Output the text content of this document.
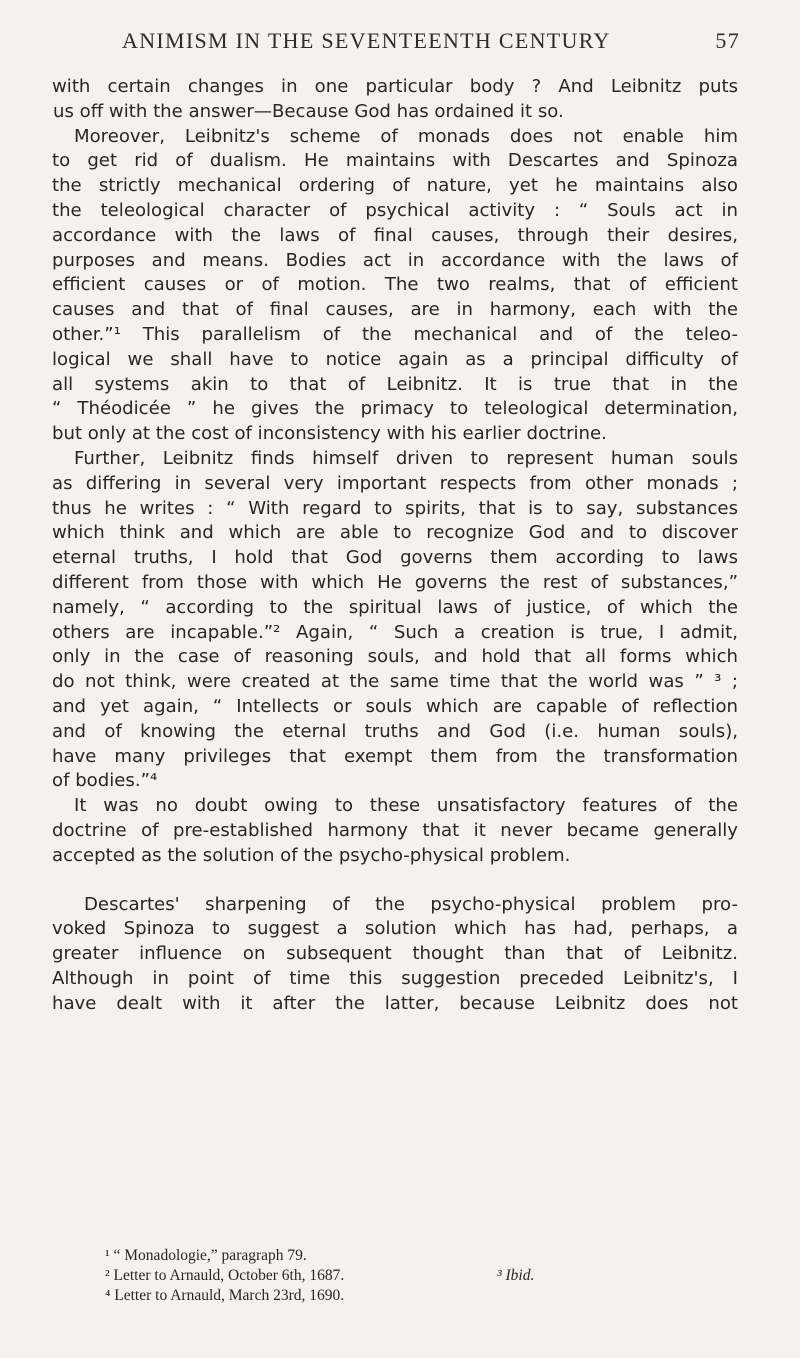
ANIMISM IN THE SEVENTEENTH CENTURY	57
with certain changes in one particular body ? And Leibnitz puts
us off with the answer—Because God has ordained it so.
Moreover, Leibnitz's scheme of monads does not enable him
to get rid of dualism. He maintains with Descartes and Spinoza
the strictly mechanical ordering of nature, yet he maintains also
the teleological character of psychical activity : “ Souls act in
accordance with the laws of final causes, through their desires,
purposes and means. Bodies act in accordance with the laws of
efficient causes or of motion. The two realms, that of efficient
causes and that of final causes, are in harmony, each with the
other.”¹ This parallelism of the mechanical and of the teleo-
logical we shall have to notice again as a principal difficulty of
all systems akin to that of Leibnitz. It is true that in the
“ Théodicée ” he gives the primacy to teleological determination,
but only at the cost of inconsistency with his earlier doctrine.
Further, Leibnitz finds himself driven to represent human souls
as differing in several very important respects from other monads ;
thus he writes : “ With regard to spirits, that is to say, substances
which think and which are able to recognize God and to discover
eternal truths, I hold that God governs them according to laws
different from those with which He governs the rest of substances,”
namely, “ according to the spiritual laws of justice, of which the
others are incapable.”² Again, “ Such a creation is true, I admit,
only in the case of reasoning souls, and hold that all forms which
do not think, were created at the same time that the world was ” ³ ;
and yet again, “ Intellects or souls which are capable of reflection
and of knowing the eternal truths and God (i.e. human souls),
have many privileges that exempt them from the transformation
of bodies.”⁴
It was no doubt owing to these unsatisfactory features of the
doctrine of pre-established harmony that it never became generally
accepted as the solution of the psycho-physical problem.
Descartes' sharpening of the psycho-physical problem pro-
voked Spinoza to suggest a solution which has had, perhaps, a
greater influence on subsequent thought than that of Leibnitz.
Although in point of time this suggestion preceded Leibnitz's, I
have dealt with it after the latter, because Leibnitz does not
¹ “ Monadologie,” paragraph 79.
² Letter to Arnauld, October 6th, 1687.	³ Ibid.
⁴ Letter to Arnauld, March 23rd, 1690.
